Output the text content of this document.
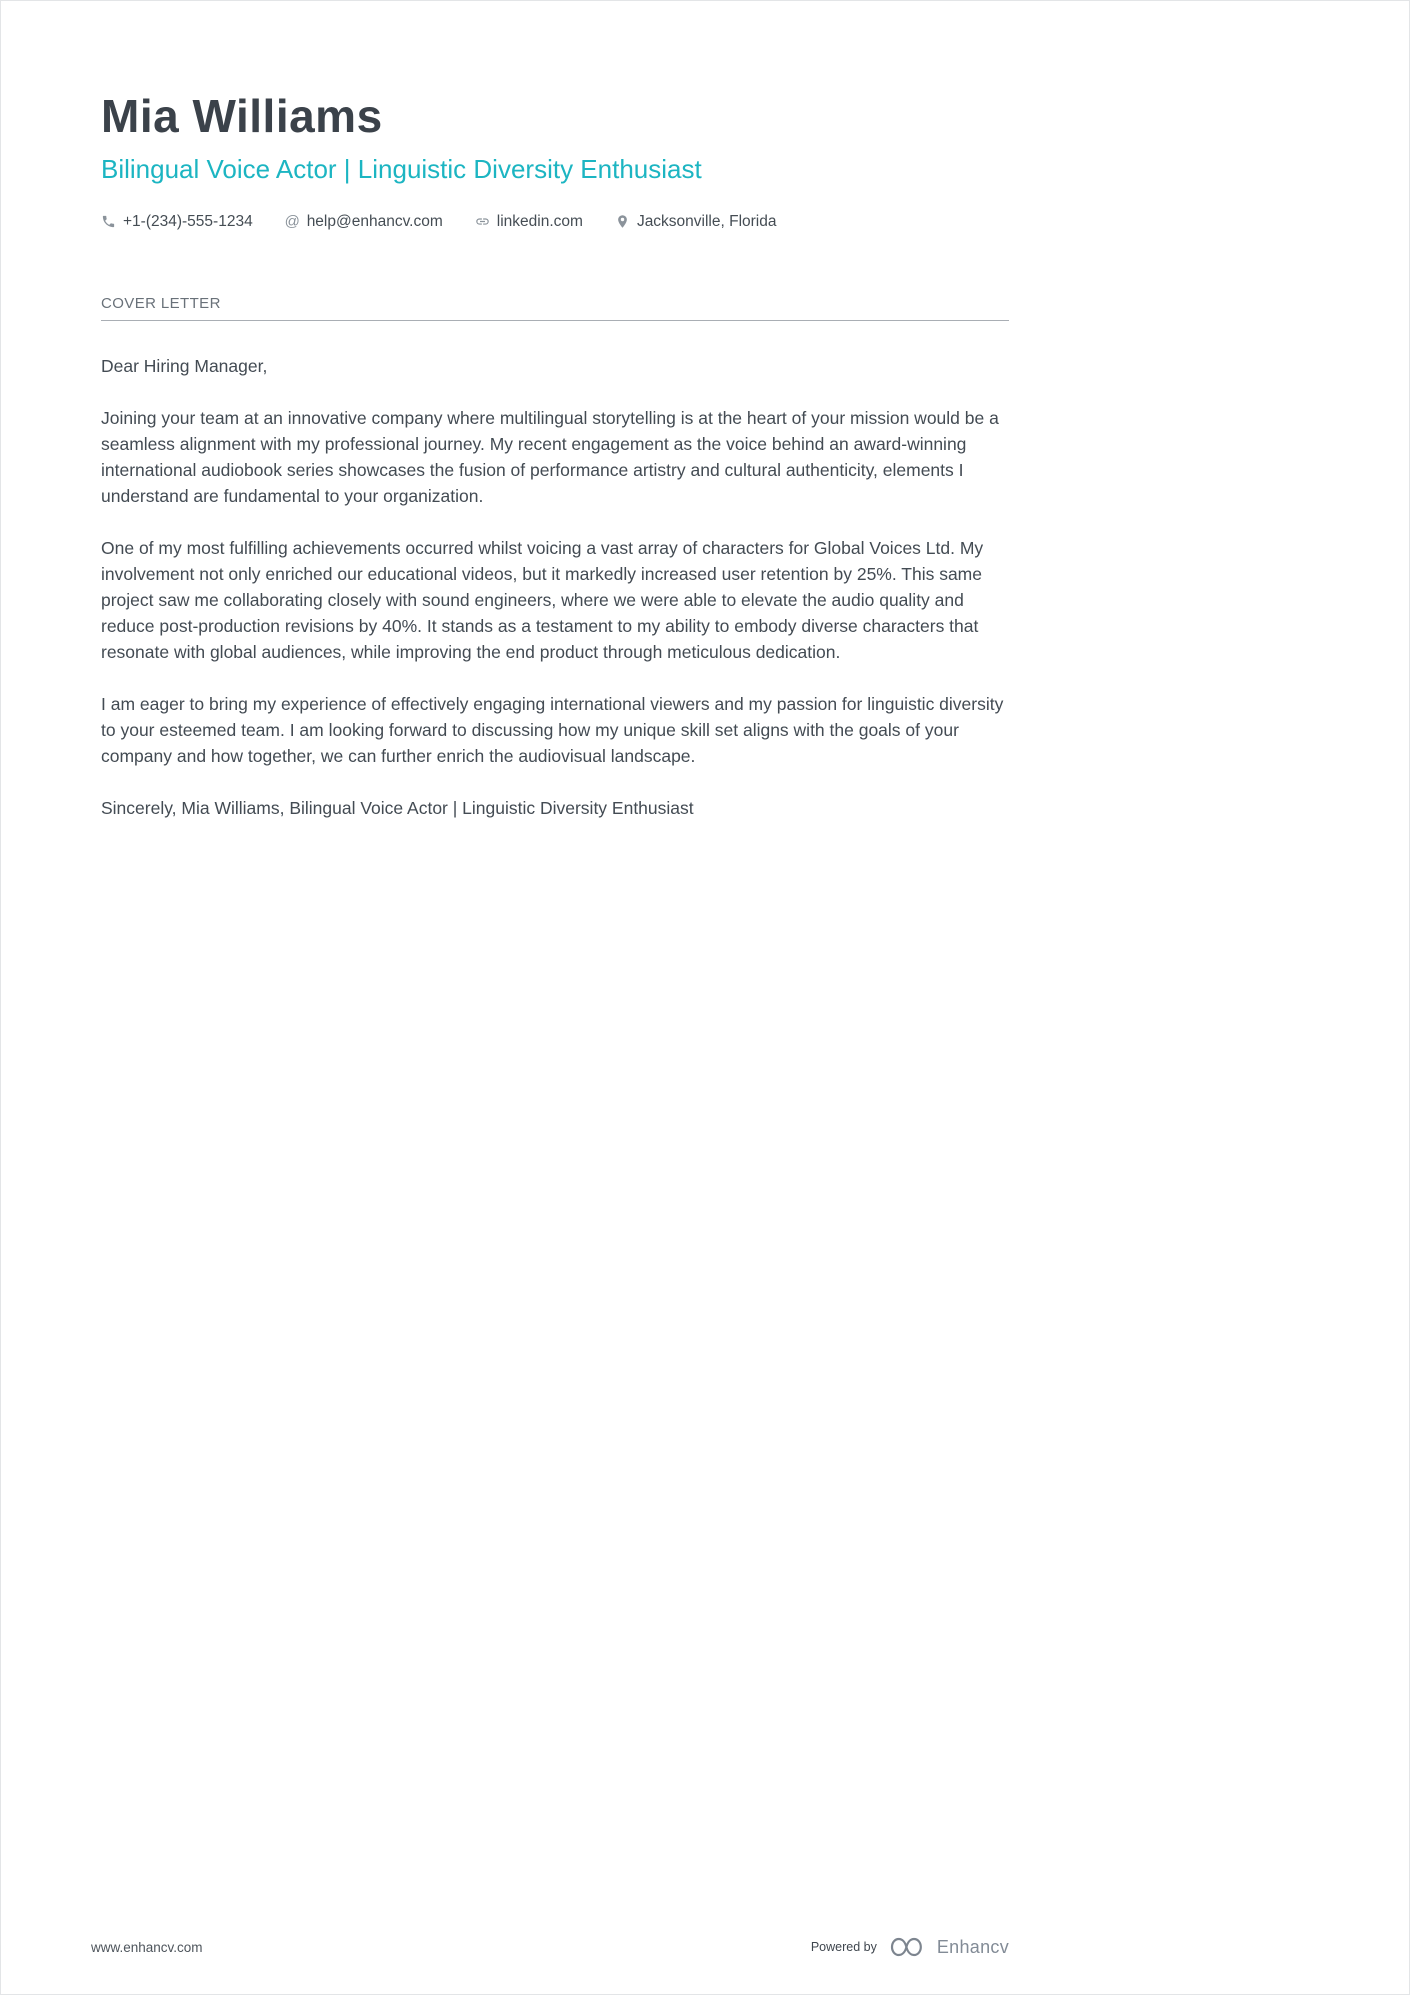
Mia Williams
Bilingual Voice Actor | Linguistic Diversity Enthusiast
+1-(234)-555-1234 @ help@enhancv.com	linkedin.com	Jacksonville, Florida
COVER LETTER

Dear Hiring Manager,

Joining your team at an innovative company where multilingual storytelling is at the heart of your mission would be a seamless alignment with my professional journey. My recent engagement as the voice behind an award-winning international audiobook series showcases the fusion of performance artistry and cultural authenticity, elements I understand are fundamental to your organization.

One of my most fulfilling achievements occurred whilst voicing a vast array of characters for Global Voices Ltd. My involvement not only enriched our educational videos, but it markedly increased user retention by 25%. This same project saw me collaborating closely with sound engineers, where we were able to elevate the audio quality and reduce post-production revisions by 40%. It stands as a testament to my ability to embody diverse characters that resonate with global audiences, while improving the end product through meticulous dedication.

I am eager to bring my experience of effectively engaging international viewers and my passion for linguistic diversity to your esteemed team. I am looking forward to discussing how my unique skill set aligns with the goals of your company and how together, we can further enrich the audiovisual landscape.

Sincerely, Mia Williams, Bilingual Voice Actor | Linguistic Diversity Enthusiast

www.enhancv.com	Powered by	Enhancv
